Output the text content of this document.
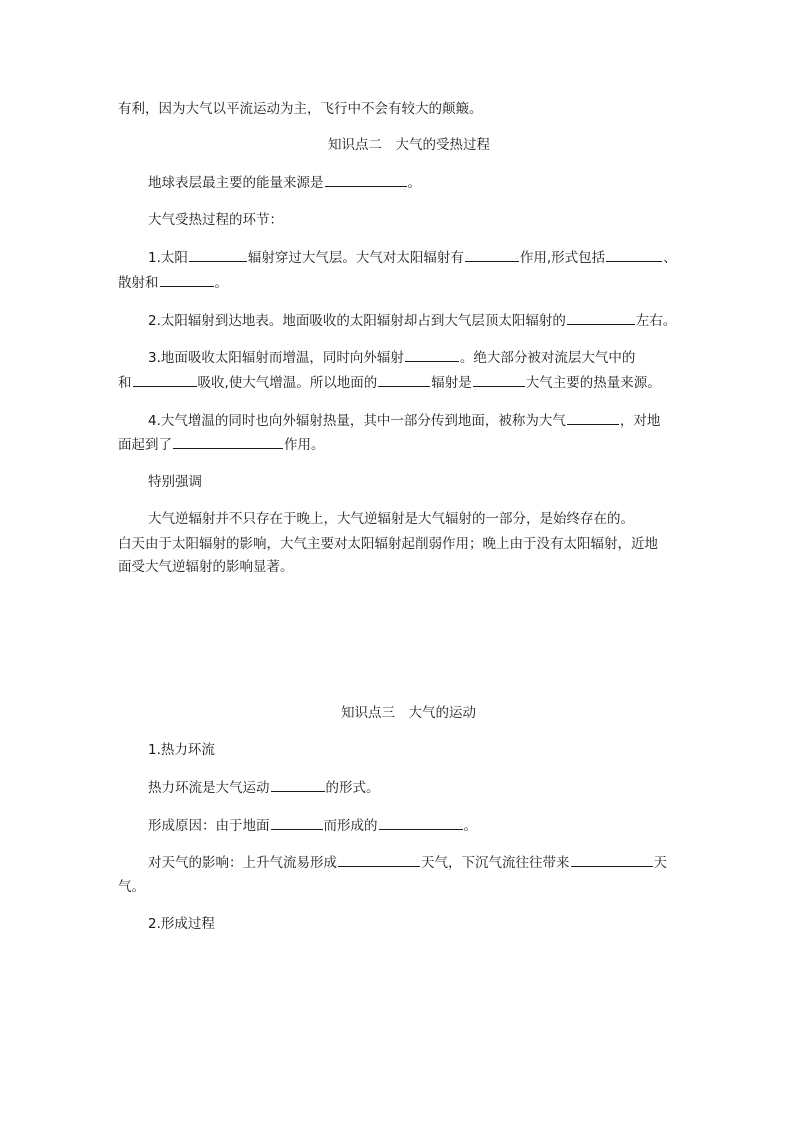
有利，因为大气以平流运动为主，飞行中不会有较大的颠簸。
知识点二　大气的受热过程
地球表层最主要的能量来源是	。
大气受热过程的环节：
1.太阳	辐射穿过大气层。大气对太阳辐射有	作用,形式包括	、
散射和	。
2.太阳辐射到达地表。地面吸收的太阳辐射却占到大气层顶太阳辐射的	左右。
3.地面吸收太阳辐射而增温，同时向外辐射	。绝大部分被对流层大气中的
和	吸收,使大气增温。所以地面的	辐射是	大气主要的热量来源。
4.大气增温的同时也向外辐射热量，其中一部分传到地面，被称为大气	，对地
面起到了	作用。
特别强调
大气逆辐射并不只存在于晚上，大气逆辐射是大气辐射的一部分，是始终存在的。
白天由于太阳辐射的影响，大气主要对太阳辐射起削弱作用；晚上由于没有太阳辐射，近地
面受大气逆辐射的影响显著。
知识点三　大气的运动
1.热力环流
热力环流是大气运动	的形式。
形成原因：由于地面	而形成的	。
对天气的影响：上升气流易形成	天气，下沉气流往往带来	天
气。
2.形成过程
